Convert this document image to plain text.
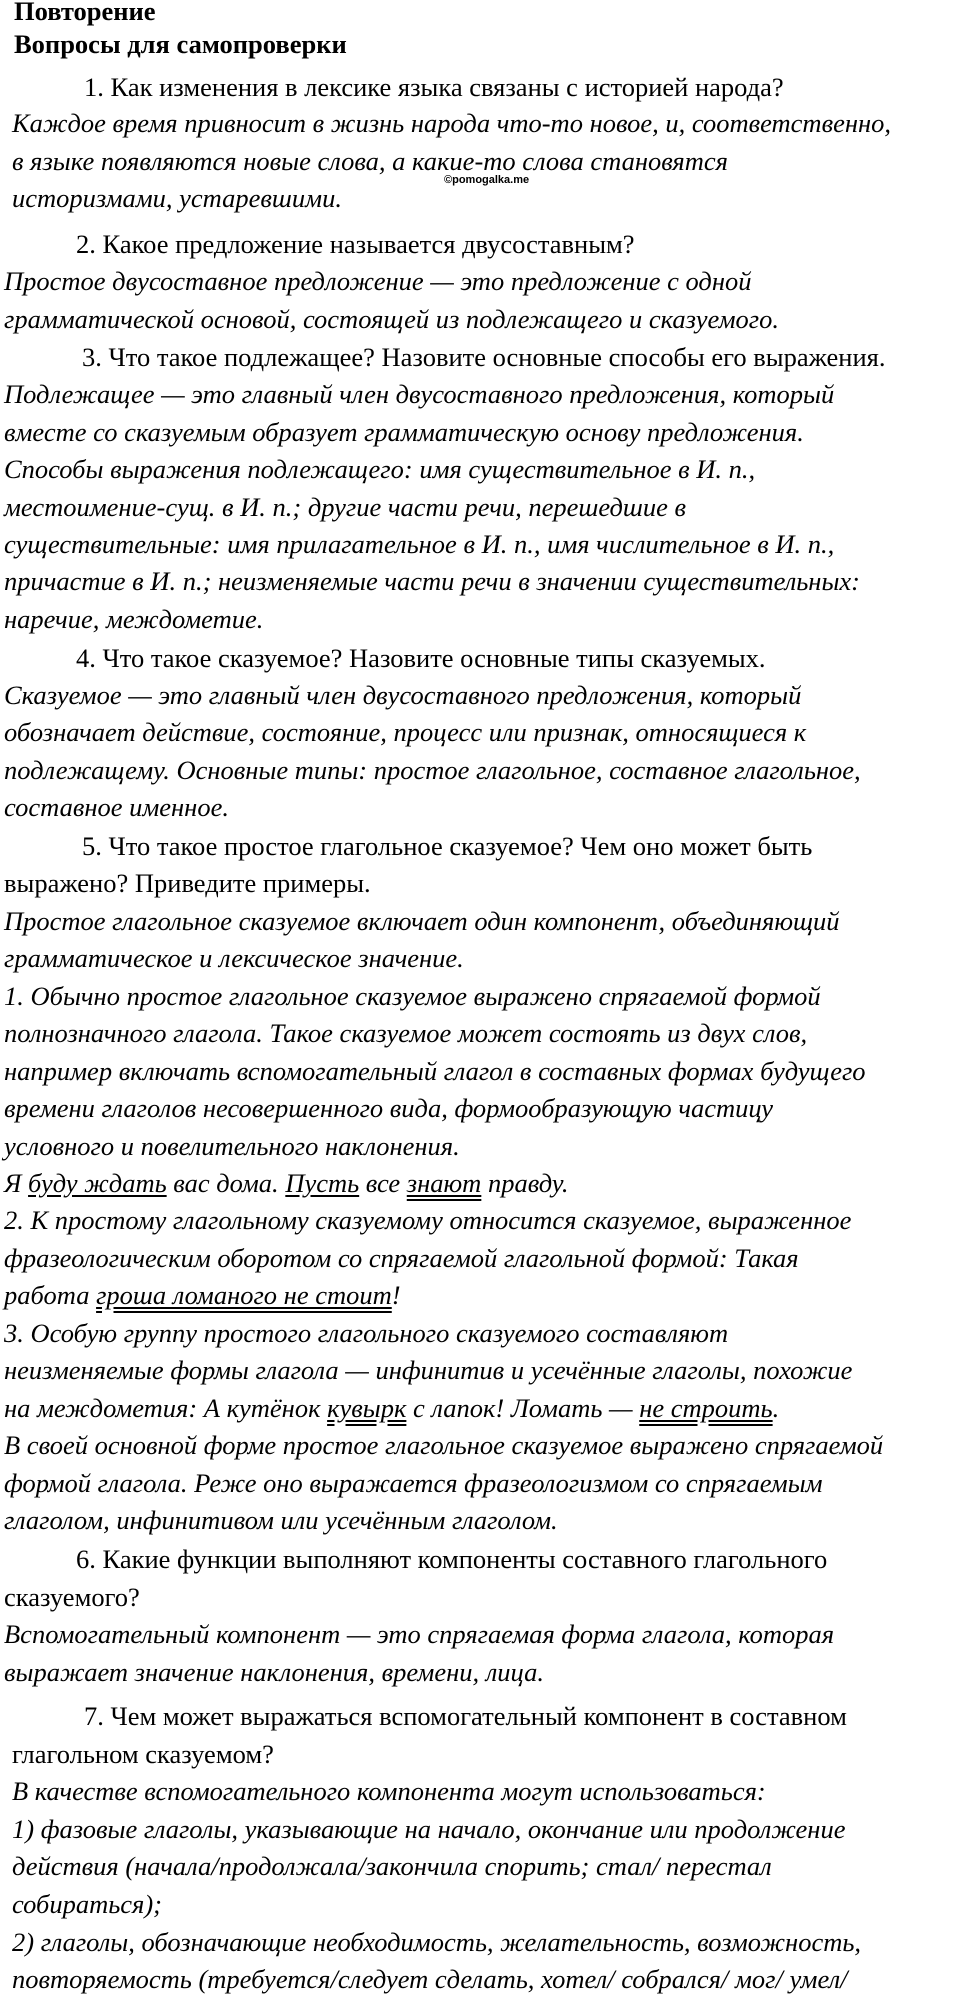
Повторение
Вопросы для самопроверки
1. Как изменения в лексике языка связаны с историей народа?
Каждое время привносит в жизнь народа что-то новое, и, соответственно,
в языке появляются новые слова, а какие-то слова становятся
©pomogalka.me
историзмами, устаревшими.
2. Какое предложение называется двусоставным?
Простое двусоставное предложение — это предложение с одной
грамматической основой, состоящей из подлежащего и сказуемого.
3. Что такое подлежащее? Назовите основные способы его выражения.
Подлежащее — это главный член двусоставного предложения, который
вместе со сказуемым образует грамматическую основу предложения.
Способы выражения подлежащего: имя существительное в И. п.,
местоимение-сущ. в И. п.; другие части речи, перешедшие в
существительные: имя прилагательное в И. п., имя числительное в И. п.,
причастие в И. п.; неизменяемые части речи в значении существительных:
наречие, междометие.
4. Что такое сказуемое? Назовите основные типы сказуемых.
Сказуемое — это главный член двусоставного предложения, который
обозначает действие, состояние, процесс или признак, относящиеся к
подлежащему. Основные типы: простое глагольное, составное глагольное,
составное именное.
5. Что такое простое глагольное сказуемое? Чем оно может быть
выражено? Приведите примеры.
Простое глагольное сказуемое включает один компонент, объединяющий
грамматическое и лексическое значение.
1. Обычно простое глагольное сказуемое выражено спрягаемой формой
полнозначного глагола. Такое сказуемое может состоять из двух слов,
например включать вспомогательный глагол в составных формах будущего
времени глаголов несовершенного вида, формообразующую частицу
условного и повелительного наклонения.
Я буду ждать вас дома. Пусть все знают правду.
2. К простому глагольному сказуемому относится сказуемое, выраженное
фразеологическим оборотом со спрягаемой глагольной формой: Такая
работа гроша ломаного не стоит!
3. Особую группу простого глагольного сказуемого составляют
неизменяемые формы глагола — инфинитив и усечённые глаголы, похожие
на междометия: А кутёнок кувырк с лапок! Ломать — не строить.
В своей основной форме простое глагольное сказуемое выражено спрягаемой
формой глагола. Реже оно выражается фразеологизмом со спрягаемым
глаголом, инфинитивом или усечённым глаголом.
6. Какие функции выполняют компоненты составного глагольного
сказуемого?
Вспомогательный компонент — это спрягаемая форма глагола, которая
выражает значение наклонения, времени, лица.
7. Чем может выражаться вспомогательный компонент в составном
глагольном сказуемом?
В качестве вспомогательного компонента могут использоваться:
1) фазовые глаголы, указывающие на начало, окончание или продолжение
действия (начала/продолжала/закончила спорить; стал/ перестал
собираться);
2) глаголы, обозначающие необходимость, желательность, возможность,
повторяемость (требуется/следует сделать, хотел/ собрался/ мог/ умел/
